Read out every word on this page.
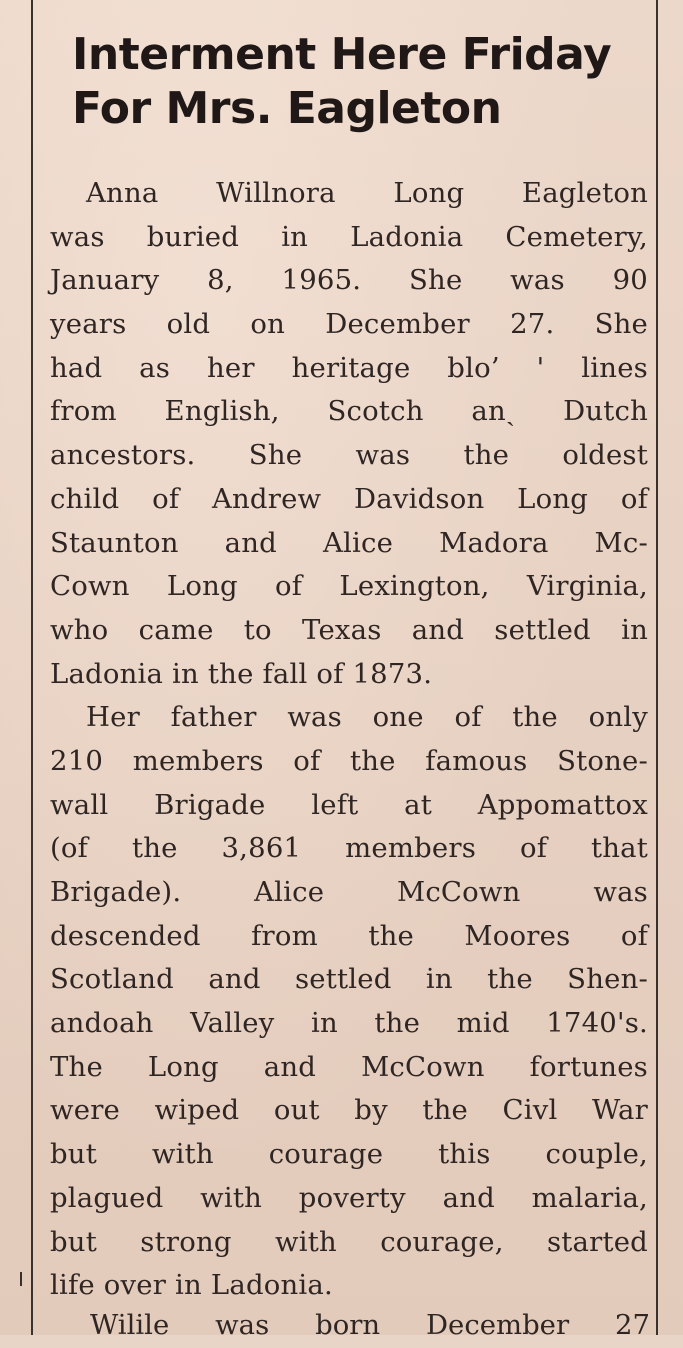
Interment Here Friday
For Mrs. Eagleton
Anna Willnora Long Eagleton
was buried in Ladonia Cemetery,
January 8, 1965. She was 90
years old on December 27. She
had as her heritage blo’ ' lines
from English, Scotch anˎ Dutch
ancestors. She was the oldest
child of Andrew Davidson Long of
Staunton and Alice Madora Mc-
Cown Long of Lexington, Virginia,
who came to Texas and settled in
Ladonia in the fall of 1873.
Her father was one of the only
210 members of the famous Stone-
wall Brigade left at Appomattox
(of the 3,861 members of that
Brigade). Alice McCown was
descended from the Moores of
Scotland and settled in the Shen-
andoah Valley in the mid 1740's.
The Long and McCown fortunes
were wiped out by the Civl War
but with courage this couple,
plagued with poverty and malaria,
but strong with courage, started
life over in Ladonia.
Wilile was born December 27
